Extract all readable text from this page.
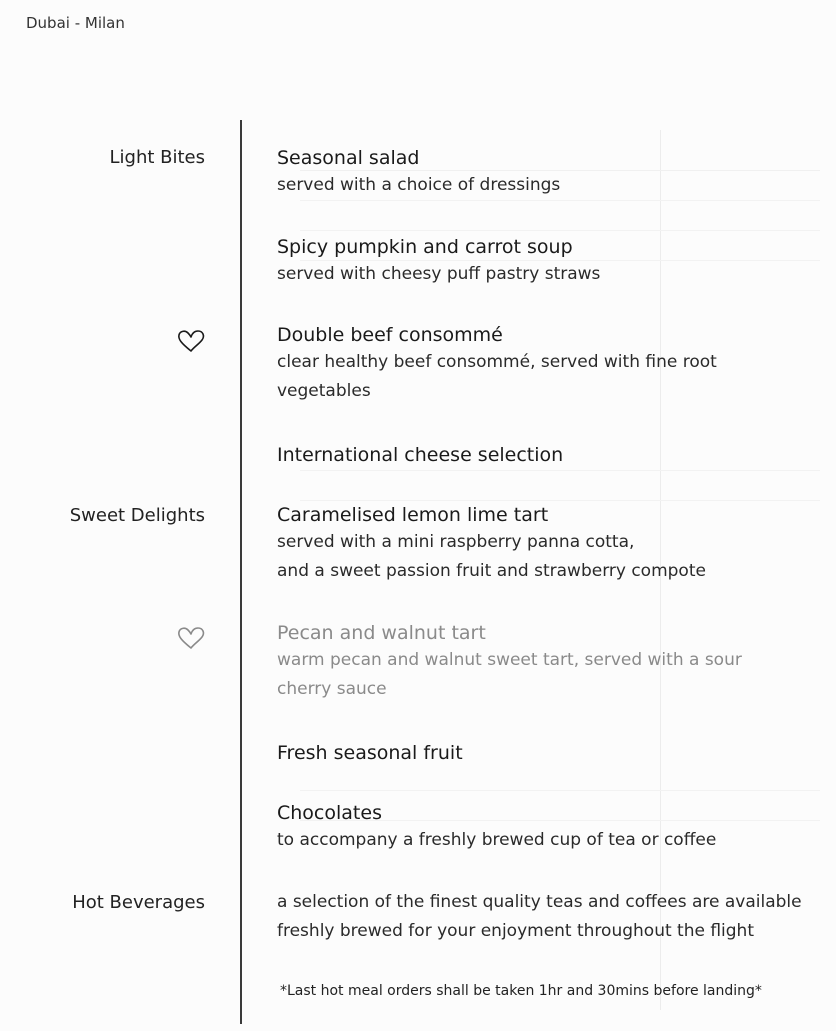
Dubai - Milan
Light Bites
Sweet Delights
Hot Beverages
Seasonal salad
served with a choice of dressings
Spicy pumpkin and carrot soup
served with cheesy puff pastry straws
Double beef consommé
clear healthy beef consommé, served with fine root vegetables
International cheese selection
Caramelised lemon lime tart
served with a mini raspberry panna cotta,
and a sweet passion fruit and strawberry compote
Pecan and walnut tart
warm pecan and walnut sweet tart, served with a sour cherry sauce
Fresh seasonal fruit
Chocolates
to accompany a freshly brewed cup of tea or coffee
a selection of the finest quality teas and coffees are available
freshly brewed for your enjoyment throughout the flight
*Last hot meal orders shall be taken 1hr and 30mins before landing*
